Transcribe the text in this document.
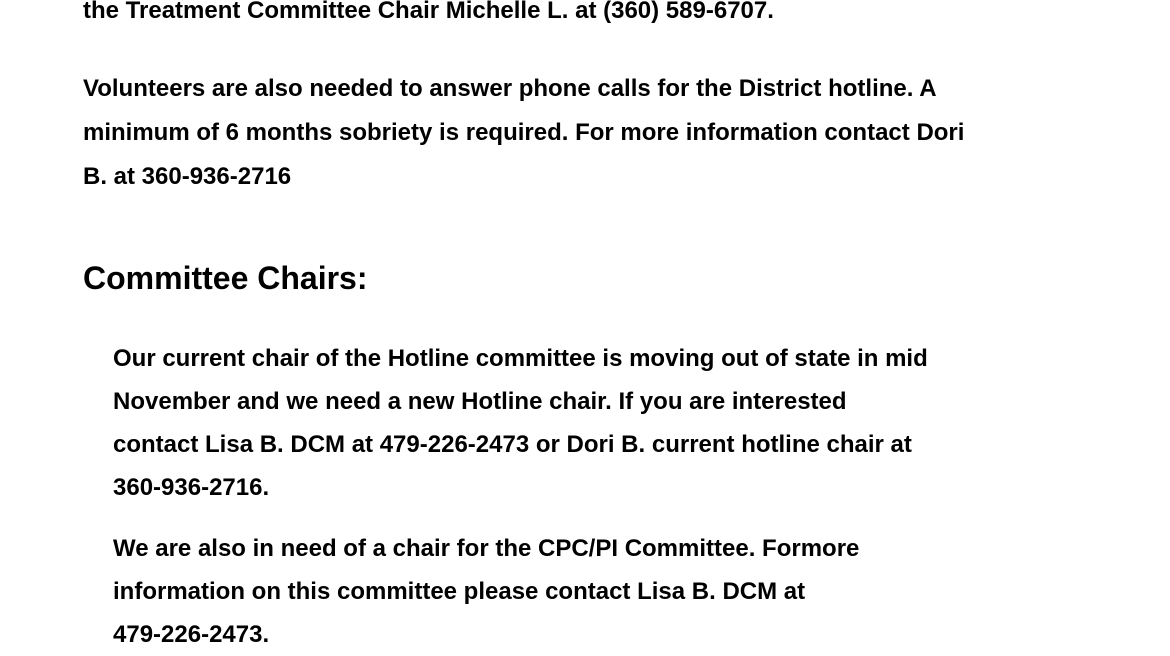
the Treatment Committee Chair Michelle L. at (360) 589-6707.

Volunteers are also needed to answer phone calls for the District hotline. A
minimum of 6 months sobriety is required. For more information contact Dori
B. at 360-936-2716

Committee Chairs:

Our current chair of the Hotline committee is moving out of state in mid
November and we need a new Hotline chair. If you are interested
contact Lisa B. DCM at 479-226-2473 or Dori B. current hotline chair at
360-936-2716.

We are also in need of a chair for the CPC/PI Committee. Formore
information on this committee please contact Lisa B. DCM at
479-226-2473.
